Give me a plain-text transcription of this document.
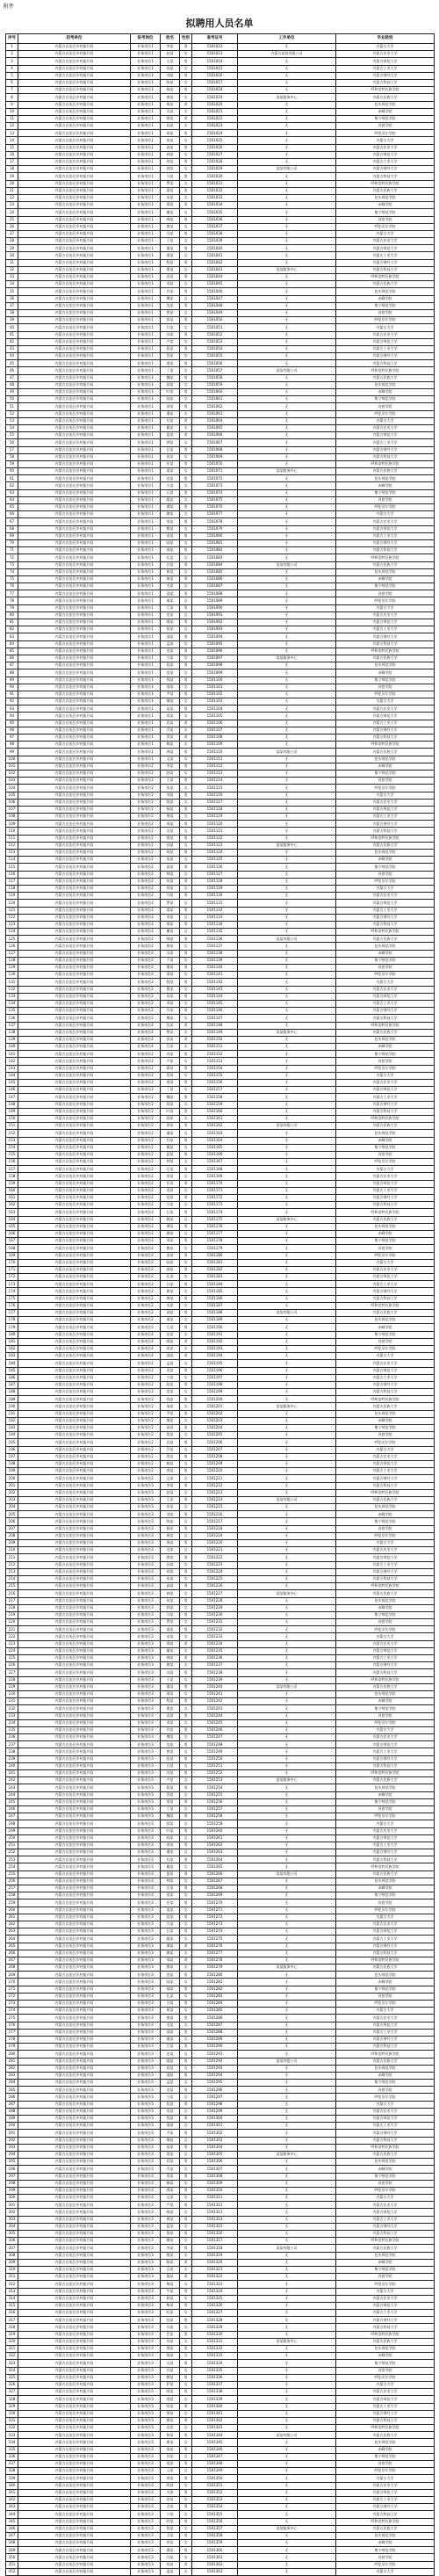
附件
拟聘用人员名单
序号	招考单位	报考岗位	姓名	性别	准考证号	工作单位	毕业院校
1	内蒙古自治区乡村振兴局	业务岗位1	李某	男	1501012	无	内蒙古大学
2	内蒙古自治区乡村振兴局	业务岗位1	赵某	女	1501013	内蒙古某某有限公司	内蒙古农业大学
3	内蒙古自治区乡村振兴局	业务岗位1	王某	男	1501014	无	内蒙古师范大学
4	内蒙古自治区乡村振兴局	业务岗位1	张某	女	1501015	无	内蒙古工业大学
5	内蒙古自治区乡村振兴局	业务岗位1	刘某	男	1501016	无	内蒙古财经大学
6	内蒙古自治区乡村振兴局	业务岗位1	陈某	女	1501017	无	内蒙古科技大学
7	内蒙古自治区乡村振兴局	业务岗位1	杨某	男	1501018	无	呼和浩特民族学院
8	内蒙古自治区乡村振兴局	业务岗位1	黄某	女	1501019	某某服务中心	内蒙古民族大学
9	内蒙古自治区乡村振兴局	业务岗位1	周某	男	1501020	无	包头师范学院
10	内蒙古自治区乡村振兴局	业务岗位1	吴某	女	1501021	无	赤峰学院
11	内蒙古自治区乡村振兴局	业务岗位1	徐某	男	1501022	无	集宁师范学院
12	内蒙古自治区乡村振兴局	业务岗位1	孙某	女	1501023	无	河套学院
13	内蒙古自治区乡村振兴局	业务岗位1	胡某	男	1501024	无	呼伦贝尔学院
14	内蒙古自治区乡村振兴局	业务岗位1	朱某	女	1501025	无	内蒙古大学
15	内蒙古自治区乡村振兴局	业务岗位1	高某	男	1501026	无	内蒙古农业大学
16	内蒙古自治区乡村振兴局	业务岗位1	林某	女	1501027	无	内蒙古师范大学
17	内蒙古自治区乡村振兴局	业务岗位1	何某	男	1501028	无	内蒙古工业大学
18	内蒙古自治区乡村振兴局	业务岗位1	郭某	女	1501029	某某有限公司	内蒙古财经大学
19	内蒙古自治区乡村振兴局	业务岗位1	马某	男	1501030	无	内蒙古科技大学
20	内蒙古自治区乡村振兴局	业务岗位1	罗某	女	1501031	无	呼和浩特民族学院
21	内蒙古自治区乡村振兴局	业务岗位1	梁某	男	1501032	无	内蒙古民族大学
22	内蒙古自治区乡村振兴局	业务岗位1	宋某	女	1501033	无	包头师范学院
23	内蒙古自治区乡村振兴局	业务岗位1	郑某	男	1501034	无	赤峰学院
24	内蒙古自治区乡村振兴局	业务岗位1	谢某	女	1501035	无	集宁师范学院
25	内蒙古自治区乡村振兴局	业务岗位1	韩某	男	1501036	无	河套学院
26	内蒙古自治区乡村振兴局	业务岗位1	唐某	女	1501037	无	呼伦贝尔学院
27	内蒙古自治区乡村振兴局	业务岗位1	冯某	男	1501038	无	内蒙古大学
28	内蒙古自治区乡村振兴局	业务岗位1	于某	女	1501039	无	内蒙古农业大学
29	内蒙古自治区乡村振兴局	业务岗位1	董某	男	1501040	无	内蒙古师范大学
30	内蒙古自治区乡村振兴局	业务岗位1	萧某	女	1501041	无	内蒙古工业大学
31	内蒙古自治区乡村振兴局	业务岗位1	程某	男	1501042	无	内蒙古财经大学
32	内蒙古自治区乡村振兴局	业务岗位1	曹某	女	1501043	某某服务中心	内蒙古科技大学
33	内蒙古自治区乡村振兴局	业务岗位1	袁某	男	1501044	无	呼和浩特民族学院
34	内蒙古自治区乡村振兴局	业务岗位1	邓某	女	1501045	无	内蒙古民族大学
35	内蒙古自治区乡村振兴局	业务岗位1	许某	男	1501046	无	包头师范学院
36	内蒙古自治区乡村振兴局	业务岗位1	傅某	女	1501047	无	赤峰学院
37	内蒙古自治区乡村振兴局	业务岗位1	沈某	男	1501048	无	集宁师范学院
38	内蒙古自治区乡村振兴局	业务岗位1	曾某	女	1501049	无	河套学院
39	内蒙古自治区乡村振兴局	业务岗位1	彭某	男	1501050	无	呼伦贝尔学院
40	内蒙古自治区乡村振兴局	业务岗位1	吕某	女	1501051	无	内蒙古大学
41	内蒙古自治区乡村振兴局	业务岗位1	苏某	男	1501052	无	内蒙古农业大学
42	内蒙古自治区乡村振兴局	业务岗位1	卢某	女	1501053	无	内蒙古师范大学
43	内蒙古自治区乡村振兴局	业务岗位1	蒋某	男	1501054	无	内蒙古工业大学
44	内蒙古自治区乡村振兴局	业务岗位1	蔡某	女	1501055	无	内蒙古财经大学
45	内蒙古自治区乡村振兴局	业务岗位1	贾某	男	1501056	无	内蒙古科技大学
46	内蒙古自治区乡村振兴局	业务岗位1	丁某	女	1501057	某某有限公司	呼和浩特民族学院
47	内蒙古自治区乡村振兴局	业务岗位1	魏某	男	1501058	无	内蒙古民族大学
48	内蒙古自治区乡村振兴局	业务岗位1	薛某	女	1501059	无	包头师范学院
49	内蒙古自治区乡村振兴局	业务岗位1	叶某	男	1501060	无	赤峰学院
50	内蒙古自治区乡村振兴局	业务岗位1	阎某	女	1501061	无	集宁师范学院
51	内蒙古自治区乡村振兴局	业务岗位1	余某	男	1501062	无	河套学院
52	内蒙古自治区乡村振兴局	业务岗位1	潘某	女	1501063	无	呼伦贝尔学院
53	内蒙古自治区乡村振兴局	业务岗位1	杜某	男	1501064	无	内蒙古大学
54	内蒙古自治区乡村振兴局	业务岗位1	戴某	女	1501065	无	内蒙古农业大学
55	内蒙古自治区乡村振兴局	业务岗位1	夏某	男	1501066	无	内蒙古师范大学
56	内蒙古自治区乡村振兴局	业务岗位1	钟某	女	1501067	无	内蒙古工业大学
57	内蒙古自治区乡村振兴局	业务岗位1	汪某	男	1501068	无	内蒙古财经大学
58	内蒙古自治区乡村振兴局	业务岗位1	田某	女	1501069	无	内蒙古科技大学
59	内蒙古自治区乡村振兴局	业务岗位1	任某	男	1501070	无	呼和浩特民族学院
60	内蒙古自治区乡村振兴局	业务岗位1	姜某	女	1501071	某某服务中心	内蒙古民族大学
61	内蒙古自治区乡村振兴局	业务岗位1	范某	男	1501072	无	包头师范学院
62	内蒙古自治区乡村振兴局	业务岗位1	方某	女	1501073	无	赤峰学院
63	内蒙古自治区乡村振兴局	业务岗位1	石某	男	1501074	无	集宁师范学院
64	内蒙古自治区乡村振兴局	业务岗位1	姚某	女	1501075	无	河套学院
65	内蒙古自治区乡村振兴局	业务岗位1	谭某	男	1501076	无	呼伦贝尔学院
66	内蒙古自治区乡村振兴局	业务岗位1	廖某	女	1501077	无	内蒙古大学
67	内蒙古自治区乡村振兴局	业务岗位1	邹某	男	1501078	无	内蒙古农业大学
68	内蒙古自治区乡村振兴局	业务岗位1	熊某	女	1501079	无	内蒙古师范大学
69	内蒙古自治区乡村振兴局	业务岗位1	金某	男	1501080	无	内蒙古工业大学
70	内蒙古自治区乡村振兴局	业务岗位1	陆某	女	1501081	无	内蒙古财经大学
71	内蒙古自治区乡村振兴局	业务岗位1	郝某	男	1501082	无	内蒙古科技大学
72	内蒙古自治区乡村振兴局	业务岗位1	孔某	女	1501083	无	呼和浩特民族学院
73	内蒙古自治区乡村振兴局	业务岗位1	白某	男	1501084	某某有限公司	内蒙古民族大学
74	内蒙古自治区乡村振兴局	业务岗位1	崔某	女	1501085	无	包头师范学院
75	内蒙古自治区乡村振兴局	业务岗位1	康某	男	1501086	无	赤峰学院
76	内蒙古自治区乡村振兴局	业务岗位1	毛某	女	1501087	无	集宁师范学院
77	内蒙古自治区乡村振兴局	业务岗位1	邱某	男	1501088	无	河套学院
78	内蒙古自治区乡村振兴局	业务岗位1	秦某	女	1501089	无	呼伦贝尔学院
79	内蒙古自治区乡村振兴局	业务岗位1	江某	男	1501090	无	内蒙古大学
80	内蒙古自治区乡村振兴局	业务岗位1	史某	女	1501091	无	内蒙古农业大学
81	内蒙古自治区乡村振兴局	业务岗位1	顾某	男	1501092	无	内蒙古师范大学
82	内蒙古自治区乡村振兴局	业务岗位1	侯某	女	1501093	无	内蒙古工业大学
83	内蒙古自治区乡村振兴局	业务岗位1	邵某	男	1501094	无	内蒙古财经大学
84	内蒙古自治区乡村振兴局	业务岗位1	孟某	女	1501095	无	内蒙古科技大学
85	内蒙古自治区乡村振兴局	业务岗位1	龙某	男	1501096	无	呼和浩特民族学院
86	内蒙古自治区乡村振兴局	业务岗位1	万某	女	1501097	某某服务中心	内蒙古民族大学
87	内蒙古自治区乡村振兴局	业务岗位1	段某	男	1501098	无	包头师范学院
88	内蒙古自治区乡村振兴局	业务岗位1	雷某	女	1501099	无	赤峰学院
89	内蒙古自治区乡村振兴局	业务岗位1	钱某	男	1501100	无	集宁师范学院
90	内蒙古自治区乡村振兴局	业务岗位1	汤某	女	1501101	无	河套学院
91	内蒙古自治区乡村振兴局	业务岗位1	尹某	男	1501102	无	呼伦贝尔学院
92	内蒙古自治区乡村振兴局	业务岗位1	黎某	女	1501103	无	内蒙古大学
93	内蒙古自治区乡村振兴局	业务岗位1	易某	男	1501104	无	内蒙古农业大学
94	内蒙古自治区乡村振兴局	业务岗位1	常某	女	1501105	无	内蒙古师范大学
95	内蒙古自治区乡村振兴局	业务岗位1	武某	男	1501106	无	内蒙古工业大学
96	内蒙古自治区乡村振兴局	业务岗位1	乔某	女	1501107	无	内蒙古财经大学
97	内蒙古自治区乡村振兴局	业务岗位1	贺某	男	1501108	无	内蒙古科技大学
98	内蒙古自治区乡村振兴局	业务岗位1	赖某	女	1501109	无	呼和浩特民族学院
99	内蒙古自治区乡村振兴局	业务岗位1	龚某	男	1501110	某某有限公司	内蒙古民族大学
100	内蒙古自治区乡村振兴局	业务岗位1	文某	女	1501111	无	包头师范学院
101	内蒙古自治区乡村振兴局	业务岗位2	李某	男	1501112	无	赤峰学院
102	内蒙古自治区乡村振兴局	业务岗位2	赵某	女	1501113	无	集宁师范学院
103	内蒙古自治区乡村振兴局	业务岗位2	王某	男	1501114	无	河套学院
104	内蒙古自治区乡村振兴局	业务岗位2	张某	女	1501115	无	呼伦贝尔学院
105	内蒙古自治区乡村振兴局	业务岗位2	刘某	男	1501116	无	内蒙古大学
106	内蒙古自治区乡村振兴局	业务岗位2	陈某	女	1501117	无	内蒙古农业大学
107	内蒙古自治区乡村振兴局	业务岗位2	杨某	男	1501118	无	内蒙古师范大学
108	内蒙古自治区乡村振兴局	业务岗位2	黄某	女	1501119	无	内蒙古工业大学
109	内蒙古自治区乡村振兴局	业务岗位2	周某	男	1501120	无	内蒙古财经大学
110	内蒙古自治区乡村振兴局	业务岗位2	吴某	女	1501121	无	内蒙古科技大学
111	内蒙古自治区乡村振兴局	业务岗位2	徐某	男	1501122	无	呼和浩特民族学院
112	内蒙古自治区乡村振兴局	业务岗位2	孙某	女	1501123	某某服务中心	内蒙古民族大学
113	内蒙古自治区乡村振兴局	业务岗位2	胡某	男	1501124	无	包头师范学院
114	内蒙古自治区乡村振兴局	业务岗位2	朱某	女	1501125	无	赤峰学院
115	内蒙古自治区乡村振兴局	业务岗位2	高某	男	1501126	无	集宁师范学院
116	内蒙古自治区乡村振兴局	业务岗位2	林某	女	1501127	无	河套学院
117	内蒙古自治区乡村振兴局	业务岗位2	何某	男	1501128	无	呼伦贝尔学院
118	内蒙古自治区乡村振兴局	业务岗位2	郭某	女	1501129	无	内蒙古大学
119	内蒙古自治区乡村振兴局	业务岗位2	马某	男	1501130	无	内蒙古农业大学
120	内蒙古自治区乡村振兴局	业务岗位2	罗某	女	1501131	无	内蒙古师范大学
121	内蒙古自治区乡村振兴局	业务岗位2	梁某	男	1501132	无	内蒙古工业大学
122	内蒙古自治区乡村振兴局	业务岗位2	宋某	女	1501133	无	内蒙古财经大学
123	内蒙古自治区乡村振兴局	业务岗位2	郑某	男	1501134	无	内蒙古科技大学
124	内蒙古自治区乡村振兴局	业务岗位2	谢某	女	1501135	无	呼和浩特民族学院
125	内蒙古自治区乡村振兴局	业务岗位2	韩某	男	1501136	某某有限公司	内蒙古民族大学
126	内蒙古自治区乡村振兴局	业务岗位2	唐某	女	1501137	无	包头师范学院
127	内蒙古自治区乡村振兴局	业务岗位2	冯某	男	1501138	无	赤峰学院
128	内蒙古自治区乡村振兴局	业务岗位2	于某	女	1501139	无	集宁师范学院
129	内蒙古自治区乡村振兴局	业务岗位2	董某	男	1501140	无	河套学院
130	内蒙古自治区乡村振兴局	业务岗位2	萧某	女	1501141	无	呼伦贝尔学院
131	内蒙古自治区乡村振兴局	业务岗位2	程某	男	1501142	无	内蒙古大学
132	内蒙古自治区乡村振兴局	业务岗位2	曹某	女	1501143	无	内蒙古农业大学
133	内蒙古自治区乡村振兴局	业务岗位2	袁某	男	1501144	无	内蒙古师范大学
134	内蒙古自治区乡村振兴局	业务岗位2	邓某	女	1501145	无	内蒙古工业大学
135	内蒙古自治区乡村振兴局	业务岗位2	许某	男	1501146	无	内蒙古财经大学
136	内蒙古自治区乡村振兴局	业务岗位2	傅某	女	1501147	无	内蒙古科技大学
137	内蒙古自治区乡村振兴局	业务岗位2	沈某	男	1501148	无	呼和浩特民族学院
138	内蒙古自治区乡村振兴局	业务岗位2	曾某	女	1501149	某某服务中心	内蒙古民族大学
139	内蒙古自治区乡村振兴局	业务岗位2	彭某	男	1501150	无	包头师范学院
140	内蒙古自治区乡村振兴局	业务岗位2	吕某	女	1501151	无	赤峰学院
141	内蒙古自治区乡村振兴局	业务岗位2	苏某	男	1501152	无	集宁师范学院
142	内蒙古自治区乡村振兴局	业务岗位2	卢某	女	1501153	无	河套学院
143	内蒙古自治区乡村振兴局	业务岗位2	蒋某	男	1501154	无	呼伦贝尔学院
144	内蒙古自治区乡村振兴局	业务岗位2	蔡某	女	1501155	无	内蒙古大学
145	内蒙古自治区乡村振兴局	业务岗位2	贾某	男	1501156	无	内蒙古农业大学
146	内蒙古自治区乡村振兴局	业务岗位2	丁某	女	1501157	无	内蒙古师范大学
147	内蒙古自治区乡村振兴局	业务岗位2	魏某	男	1501158	无	内蒙古工业大学
148	内蒙古自治区乡村振兴局	业务岗位2	薛某	女	1501159	无	内蒙古财经大学
149	内蒙古自治区乡村振兴局	业务岗位2	叶某	男	1501160	无	内蒙古科技大学
150	内蒙古自治区乡村振兴局	业务岗位2	阎某	女	1501161	无	呼和浩特民族学院
151	内蒙古自治区乡村振兴局	业务岗位2	余某	男	1501162	某某有限公司	内蒙古民族大学
152	内蒙古自治区乡村振兴局	业务岗位2	潘某	女	1501163	无	包头师范学院
153	内蒙古自治区乡村振兴局	业务岗位2	杜某	男	1501164	无	赤峰学院
154	内蒙古自治区乡村振兴局	业务岗位2	戴某	女	1501165	无	集宁师范学院
155	内蒙古自治区乡村振兴局	业务岗位2	夏某	男	1501166	无	河套学院
156	内蒙古自治区乡村振兴局	业务岗位2	钟某	女	1501167	无	呼伦贝尔学院
157	内蒙古自治区乡村振兴局	业务岗位2	汪某	男	1501168	无	内蒙古大学
158	内蒙古自治区乡村振兴局	业务岗位2	田某	女	1501169	无	内蒙古农业大学
159	内蒙古自治区乡村振兴局	业务岗位2	任某	男	1501170	无	内蒙古师范大学
160	内蒙古自治区乡村振兴局	业务岗位2	姜某	女	1501171	无	内蒙古工业大学
161	内蒙古自治区乡村振兴局	业务岗位2	范某	男	1501172	无	内蒙古财经大学
162	内蒙古自治区乡村振兴局	业务岗位2	方某	女	1501173	无	内蒙古科技大学
163	内蒙古自治区乡村振兴局	业务岗位2	石某	男	1501174	无	呼和浩特民族学院
164	内蒙古自治区乡村振兴局	业务岗位2	姚某	女	1501175	某某服务中心	内蒙古民族大学
165	内蒙古自治区乡村振兴局	业务岗位2	谭某	男	1501176	无	包头师范学院
166	内蒙古自治区乡村振兴局	业务岗位2	廖某	女	1501177	无	赤峰学院
167	内蒙古自治区乡村振兴局	业务岗位2	邹某	男	1501178	无	集宁师范学院
168	内蒙古自治区乡村振兴局	业务岗位2	熊某	女	1501179	无	河套学院
169	内蒙古自治区乡村振兴局	业务岗位2	金某	男	1501180	无	呼伦贝尔学院
170	内蒙古自治区乡村振兴局	业务岗位2	陆某	女	1501181	无	内蒙古大学
171	内蒙古自治区乡村振兴局	业务岗位2	郝某	男	1501182	无	内蒙古农业大学
172	内蒙古自治区乡村振兴局	业务岗位2	孔某	女	1501183	无	内蒙古师范大学
173	内蒙古自治区乡村振兴局	业务岗位2	白某	男	1501184	无	内蒙古工业大学
174	内蒙古自治区乡村振兴局	业务岗位2	崔某	女	1501185	无	内蒙古财经大学
175	内蒙古自治区乡村振兴局	业务岗位2	康某	男	1501186	无	内蒙古科技大学
176	内蒙古自治区乡村振兴局	业务岗位2	毛某	女	1501187	无	呼和浩特民族学院
177	内蒙古自治区乡村振兴局	业务岗位2	邱某	男	1501188	某某有限公司	内蒙古民族大学
178	内蒙古自治区乡村振兴局	业务岗位2	秦某	女	1501189	无	包头师范学院
179	内蒙古自治区乡村振兴局	业务岗位2	江某	男	1501190	无	赤峰学院
180	内蒙古自治区乡村振兴局	业务岗位2	史某	女	1501191	无	集宁师范学院
181	内蒙古自治区乡村振兴局	业务岗位2	顾某	男	1501192	无	河套学院
182	内蒙古自治区乡村振兴局	业务岗位2	侯某	女	1501193	无	呼伦贝尔学院
183	内蒙古自治区乡村振兴局	业务岗位2	邵某	男	1501194	无	内蒙古大学
184	内蒙古自治区乡村振兴局	业务岗位2	孟某	女	1501195	无	内蒙古农业大学
185	内蒙古自治区乡村振兴局	业务岗位2	龙某	男	1501196	无	内蒙古师范大学
186	内蒙古自治区乡村振兴局	业务岗位2	万某	女	1501197	无	内蒙古工业大学
187	内蒙古自治区乡村振兴局	业务岗位2	段某	男	1501198	无	内蒙古财经大学
188	内蒙古自治区乡村振兴局	业务岗位2	雷某	女	1501199	无	内蒙古科技大学
189	内蒙古自治区乡村振兴局	业务岗位2	钱某	男	1501200	无	呼和浩特民族学院
190	内蒙古自治区乡村振兴局	业务岗位2	汤某	女	1501201	某某服务中心	内蒙古民族大学
191	内蒙古自治区乡村振兴局	业务岗位2	尹某	男	1501202	无	包头师范学院
192	内蒙古自治区乡村振兴局	业务岗位2	黎某	女	1501203	无	赤峰学院
193	内蒙古自治区乡村振兴局	业务岗位2	易某	男	1501204	无	集宁师范学院
194	内蒙古自治区乡村振兴局	业务岗位2	常某	女	1501205	无	河套学院
195	内蒙古自治区乡村振兴局	业务岗位2	武某	男	1501206	无	呼伦贝尔学院
196	内蒙古自治区乡村振兴局	业务岗位2	乔某	女	1501207	无	内蒙古大学
197	内蒙古自治区乡村振兴局	业务岗位2	贺某	男	1501208	无	内蒙古农业大学
198	内蒙古自治区乡村振兴局	业务岗位2	赖某	女	1501209	无	内蒙古师范大学
199	内蒙古自治区乡村振兴局	业务岗位2	龚某	男	1501210	无	内蒙古工业大学
200	内蒙古自治区乡村振兴局	业务岗位2	文某	女	1501211	无	内蒙古财经大学
201	内蒙古自治区乡村振兴局	业务岗位3	李某	男	1501212	无	内蒙古科技大学
202	内蒙古自治区乡村振兴局	业务岗位3	赵某	女	1501213	无	呼和浩特民族学院
203	内蒙古自治区乡村振兴局	业务岗位3	王某	男	1501214	某某有限公司	内蒙古民族大学
204	内蒙古自治区乡村振兴局	业务岗位3	张某	女	1501215	无	包头师范学院
205	内蒙古自治区乡村振兴局	业务岗位3	刘某	男	1501216	无	赤峰学院
206	内蒙古自治区乡村振兴局	业务岗位3	陈某	女	1501217	无	集宁师范学院
207	内蒙古自治区乡村振兴局	业务岗位3	杨某	男	1501218	无	河套学院
208	内蒙古自治区乡村振兴局	业务岗位3	黄某	女	1501219	无	呼伦贝尔学院
209	内蒙古自治区乡村振兴局	业务岗位3	周某	男	1501220	无	内蒙古大学
210	内蒙古自治区乡村振兴局	业务岗位3	吴某	女	1501221	无	内蒙古农业大学
211	内蒙古自治区乡村振兴局	业务岗位3	徐某	男	1501222	无	内蒙古师范大学
212	内蒙古自治区乡村振兴局	业务岗位3	孙某	女	1501223	无	内蒙古工业大学
213	内蒙古自治区乡村振兴局	业务岗位3	胡某	男	1501224	无	内蒙古财经大学
214	内蒙古自治区乡村振兴局	业务岗位3	朱某	女	1501225	无	内蒙古科技大学
215	内蒙古自治区乡村振兴局	业务岗位3	高某	男	1501226	无	呼和浩特民族学院
216	内蒙古自治区乡村振兴局	业务岗位3	林某	女	1501227	某某服务中心	内蒙古民族大学
217	内蒙古自治区乡村振兴局	业务岗位3	何某	男	1501228	无	包头师范学院
218	内蒙古自治区乡村振兴局	业务岗位3	郭某	女	1501229	无	赤峰学院
219	内蒙古自治区乡村振兴局	业务岗位3	马某	男	1501230	无	集宁师范学院
220	内蒙古自治区乡村振兴局	业务岗位3	罗某	女	1501231	无	河套学院
221	内蒙古自治区乡村振兴局	业务岗位3	梁某	男	1501232	无	呼伦贝尔学院
222	内蒙古自治区乡村振兴局	业务岗位3	宋某	女	1501233	无	内蒙古大学
223	内蒙古自治区乡村振兴局	业务岗位3	郑某	男	1501234	无	内蒙古农业大学
224	内蒙古自治区乡村振兴局	业务岗位3	谢某	女	1501235	无	内蒙古师范大学
225	内蒙古自治区乡村振兴局	业务岗位3	韩某	男	1501236	无	内蒙古工业大学
226	内蒙古自治区乡村振兴局	业务岗位3	唐某	女	1501237	无	内蒙古财经大学
227	内蒙古自治区乡村振兴局	业务岗位3	冯某	男	1501238	无	内蒙古科技大学
228	内蒙古自治区乡村振兴局	业务岗位3	于某	女	1501239	无	呼和浩特民族学院
229	内蒙古自治区乡村振兴局	业务岗位3	董某	男	1501240	某某有限公司	内蒙古民族大学
230	内蒙古自治区乡村振兴局	业务岗位3	萧某	女	1501241	无	包头师范学院
231	内蒙古自治区乡村振兴局	业务岗位3	程某	男	1501242	无	赤峰学院
232	内蒙古自治区乡村振兴局	业务岗位3	曹某	女	1501243	无	集宁师范学院
233	内蒙古自治区乡村振兴局	业务岗位3	袁某	男	1501244	无	河套学院
234	内蒙古自治区乡村振兴局	业务岗位3	邓某	女	1501245	无	呼伦贝尔学院
235	内蒙古自治区乡村振兴局	业务岗位3	许某	男	1501246	无	内蒙古大学
236	内蒙古自治区乡村振兴局	业务岗位3	傅某	女	1501247	无	内蒙古农业大学
237	内蒙古自治区乡村振兴局	业务岗位3	沈某	男	1501248	无	内蒙古师范大学
238	内蒙古自治区乡村振兴局	业务岗位3	曾某	女	1501249	无	内蒙古工业大学
239	内蒙古自治区乡村振兴局	业务岗位3	彭某	男	1501250	无	内蒙古财经大学
240	内蒙古自治区乡村振兴局	业务岗位3	吕某	女	1501251	无	内蒙古科技大学
241	内蒙古自治区乡村振兴局	业务岗位3	苏某	男	1501252	无	呼和浩特民族学院
242	内蒙古自治区乡村振兴局	业务岗位3	卢某	女	1501253	某某服务中心	内蒙古民族大学
243	内蒙古自治区乡村振兴局	业务岗位3	蒋某	男	1501254	无	包头师范学院
244	内蒙古自治区乡村振兴局	业务岗位3	蔡某	女	1501255	无	赤峰学院
245	内蒙古自治区乡村振兴局	业务岗位3	贾某	男	1501256	无	集宁师范学院
246	内蒙古自治区乡村振兴局	业务岗位3	丁某	女	1501257	无	河套学院
247	内蒙古自治区乡村振兴局	业务岗位3	魏某	男	1501258	无	呼伦贝尔学院
248	内蒙古自治区乡村振兴局	业务岗位3	薛某	女	1501259	无	内蒙古大学
249	内蒙古自治区乡村振兴局	业务岗位3	叶某	男	1501260	无	内蒙古农业大学
250	内蒙古自治区乡村振兴局	业务岗位3	阎某	女	1501261	无	内蒙古师范大学
251	内蒙古自治区乡村振兴局	业务岗位3	余某	男	1501262	无	内蒙古工业大学
252	内蒙古自治区乡村振兴局	业务岗位3	潘某	女	1501263	无	内蒙古财经大学
253	内蒙古自治区乡村振兴局	业务岗位3	杜某	男	1501264	无	内蒙古科技大学
254	内蒙古自治区乡村振兴局	业务岗位3	戴某	女	1501265	无	呼和浩特民族学院
255	内蒙古自治区乡村振兴局	业务岗位3	夏某	男	1501266	某某有限公司	内蒙古民族大学
256	内蒙古自治区乡村振兴局	业务岗位3	钟某	女	1501267	无	包头师范学院
257	内蒙古自治区乡村振兴局	业务岗位3	汪某	男	1501268	无	赤峰学院
258	内蒙古自治区乡村振兴局	业务岗位3	田某	女	1501269	无	集宁师范学院
259	内蒙古自治区乡村振兴局	业务岗位3	任某	男	1501270	无	河套学院
260	内蒙古自治区乡村振兴局	业务岗位3	姜某	女	1501271	无	呼伦贝尔学院
261	内蒙古自治区乡村振兴局	业务岗位3	范某	男	1501272	无	内蒙古大学
262	内蒙古自治区乡村振兴局	业务岗位3	方某	女	1501273	无	内蒙古农业大学
263	内蒙古自治区乡村振兴局	业务岗位3	石某	男	1501274	无	内蒙古师范大学
264	内蒙古自治区乡村振兴局	业务岗位3	姚某	女	1501275	无	内蒙古工业大学
265	内蒙古自治区乡村振兴局	业务岗位3	谭某	男	1501276	无	内蒙古财经大学
266	内蒙古自治区乡村振兴局	业务岗位3	廖某	女	1501277	无	内蒙古科技大学
267	内蒙古自治区乡村振兴局	业务岗位3	邹某	男	1501278	无	呼和浩特民族学院
268	内蒙古自治区乡村振兴局	业务岗位3	熊某	女	1501279	某某服务中心	内蒙古民族大学
269	内蒙古自治区乡村振兴局	业务岗位3	金某	男	1501280	无	包头师范学院
270	内蒙古自治区乡村振兴局	业务岗位3	陆某	女	1501281	无	赤峰学院
271	内蒙古自治区乡村振兴局	业务岗位3	郝某	男	1501282	无	集宁师范学院
272	内蒙古自治区乡村振兴局	业务岗位3	孔某	女	1501283	无	河套学院
273	内蒙古自治区乡村振兴局	业务岗位3	白某	男	1501284	无	呼伦贝尔学院
274	内蒙古自治区乡村振兴局	业务岗位3	崔某	女	1501285	无	内蒙古大学
275	内蒙古自治区乡村振兴局	业务岗位3	康某	男	1501286	无	内蒙古农业大学
276	内蒙古自治区乡村振兴局	业务岗位3	毛某	女	1501287	无	内蒙古师范大学
277	内蒙古自治区乡村振兴局	业务岗位3	邱某	男	1501288	无	内蒙古工业大学
278	内蒙古自治区乡村振兴局	业务岗位3	秦某	女	1501289	无	内蒙古财经大学
279	内蒙古自治区乡村振兴局	业务岗位3	江某	男	1501290	无	内蒙古科技大学
280	内蒙古自治区乡村振兴局	业务岗位3	史某	女	1501291	无	呼和浩特民族学院
281	内蒙古自治区乡村振兴局	业务岗位3	顾某	男	1501292	某某有限公司	内蒙古民族大学
282	内蒙古自治区乡村振兴局	业务岗位3	侯某	女	1501293	无	包头师范学院
283	内蒙古自治区乡村振兴局	业务岗位3	邵某	男	1501294	无	赤峰学院
284	内蒙古自治区乡村振兴局	业务岗位3	孟某	女	1501295	无	集宁师范学院
285	内蒙古自治区乡村振兴局	业务岗位3	龙某	男	1501296	无	河套学院
286	内蒙古自治区乡村振兴局	业务岗位3	万某	女	1501297	无	呼伦贝尔学院
287	内蒙古自治区乡村振兴局	业务岗位3	段某	男	1501298	无	内蒙古大学
288	内蒙古自治区乡村振兴局	业务岗位3	雷某	女	1501299	无	内蒙古农业大学
289	内蒙古自治区乡村振兴局	业务岗位3	钱某	男	1501300	无	内蒙古师范大学
290	内蒙古自治区乡村振兴局	业务岗位3	汤某	女	1501301	无	内蒙古工业大学
291	内蒙古自治区乡村振兴局	业务岗位3	尹某	男	1501302	无	内蒙古财经大学
292	内蒙古自治区乡村振兴局	业务岗位3	黎某	女	1501303	无	内蒙古科技大学
293	内蒙古自治区乡村振兴局	业务岗位3	易某	男	1501304	无	呼和浩特民族学院
294	内蒙古自治区乡村振兴局	业务岗位3	常某	女	1501305	某某服务中心	内蒙古民族大学
295	内蒙古自治区乡村振兴局	业务岗位3	武某	男	1501306	无	包头师范学院
296	内蒙古自治区乡村振兴局	业务岗位3	乔某	女	1501307	无	赤峰学院
297	内蒙古自治区乡村振兴局	业务岗位3	贺某	男	1501308	无	集宁师范学院
298	内蒙古自治区乡村振兴局	业务岗位3	赖某	女	1501309	无	河套学院
299	内蒙古自治区乡村振兴局	业务岗位3	龚某	男	1501310	无	呼伦贝尔学院
300	内蒙古自治区乡村振兴局	业务岗位3	文某	女	1501311	无	内蒙古大学
301	内蒙古自治区乡村振兴局	业务岗位3	严某	男	1501312	无	内蒙古农业大学
302	内蒙古自治区乡村振兴局	业务岗位3	陶某	女	1501313	无	内蒙古师范大学
303	内蒙古自治区乡村振兴局	业务岗位3	黄某	男	1501314	无	内蒙古工业大学
304	内蒙古自治区乡村振兴局	业务岗位3	蓝某	女	1501315	无	内蒙古财经大学
305	内蒙古自治区乡村振兴局	业务岗位3	鲁某	男	1501316	无	内蒙古科技大学
306	内蒙古自治区乡村振兴局	业务岗位3	柳某	女	1501317	无	呼和浩特民族学院
307	内蒙古自治区乡村振兴局	业务岗位3	齐某	男	1501318	某某有限公司	内蒙古民族大学
308	内蒙古自治区乡村振兴局	业务岗位3	殷某	女	1501319	无	包头师范学院
309	内蒙古自治区乡村振兴局	业务岗位3	路某	男	1501320	无	赤峰学院
310	内蒙古自治区乡村振兴局	业务岗位3	岳某	女	1501321	无	集宁师范学院
311	内蒙古自治区乡村振兴局	业务岗位3	施某	男	1501322	无	河套学院
312	内蒙古自治区乡村振兴局	业务岗位3	梅某	女	1501323	无	呼伦贝尔学院
313	内蒙古自治区乡村振兴局	业务岗位3	牛某	男	1501324	无	内蒙古大学
314	内蒙古自治区乡村振兴局	业务岗位3	耿某	女	1501325	无	内蒙古农业大学
315	内蒙古自治区乡村振兴局	业务岗位3	柴某	男	1501326	无	内蒙古师范大学
316	内蒙古自治区乡村振兴局	业务岗位3	纪某	女	1501327	无	内蒙古工业大学
317	内蒙古自治区乡村振兴局	业务岗位3	包某	男	1501328	无	内蒙古财经大学
318	内蒙古自治区乡村振兴局	业务岗位3	乌某	女	1501329	无	内蒙古科技大学
319	内蒙古自治区乡村振兴局	业务岗位3	巴某	男	1501330	无	呼和浩特民族学院
320	内蒙古自治区乡村振兴局	业务岗位3	苏某	女	1501331	某某服务中心	内蒙古民族大学
321	内蒙古自治区乡村振兴局	业务岗位3	那某	男	1501332	无	包头师范学院
322	内蒙古自治区乡村振兴局	业务岗位3	敖某	女	1501333	无	赤峰学院
323	内蒙古自治区乡村振兴局	业务岗位3	宝某	男	1501334	无	集宁师范学院
324	内蒙古自治区乡村振兴局	业务岗位3	其某	女	1501335	无	河套学院
325	内蒙古自治区乡村振兴局	业务岗位3	额某	男	1501336	无	呼伦贝尔学院
326	内蒙古自治区乡村振兴局	业务岗位3	萨某	女	1501337	无	内蒙古大学
327	内蒙古自治区乡村振兴局	业务岗位3	阿某	男	1501338	无	内蒙古农业大学
328	内蒙古自治区乡村振兴局	业务岗位3	图某	女	1501339	无	内蒙古师范大学
329	内蒙古自治区乡村振兴局	业务岗位3	哈某	男	1501340	无	内蒙古工业大学
330	内蒙古自治区乡村振兴局	业务岗位3	塔某	女	1501341	无	内蒙古财经大学
331	内蒙古自治区乡村振兴局	业务岗位3	朝某	男	1501342	无	内蒙古科技大学
332	内蒙古自治区乡村振兴局	业务岗位3	达某	女	1501343	无	呼和浩特民族学院
333	内蒙古自治区乡村振兴局	业务岗位3	格某	男	1501344	某某有限公司	内蒙古民族大学
334	内蒙古自治区乡村振兴局	业务岗位3	斯某	女	1501345	无	包头师范学院
335	内蒙古自治区乡村振兴局	业务岗位3	查某	男	1501346	无	赤峰学院
336	内蒙古自治区乡村振兴局	业务岗位3	其某	女	1501347	无	集宁师范学院
337	内蒙古自治区乡村振兴局	业务岗位3	莫某	男	1501348	无	河套学院
338	内蒙古自治区乡村振兴局	业务岗位3	云某	女	1501349	无	呼伦贝尔学院
339	内蒙古自治区乡村振兴局	业务岗位3	荣某	男	1501350	无	内蒙古大学
340	内蒙古自治区乡村振兴局	业务岗位3	明某	女	1501351	无	内蒙古农业大学
341	内蒙古自治区乡村振兴局	业务岗位3	关某	男	1501352	无	内蒙古师范大学
342	内蒙古自治区乡村振兴局	业务岗位3	安某	女	1501353	无	内蒙古工业大学
343	内蒙古自治区乡村振兴局	业务岗位3	全某	男	1501354	无	内蒙古财经大学
344	内蒙古自治区乡村振兴局	业务岗位3	宁某	女	1501355	无	内蒙古科技大学
345	内蒙古自治区乡村振兴局	业务岗位3	时某	男	1501356	无	呼和浩特民族学院
346	内蒙古自治区乡村振兴局	业务岗位3	焦某	女	1501357	某某服务中心	内蒙古民族大学
347	内蒙古自治区乡村振兴局	业务岗位3	卫某	男	1501358	无	包头师范学院
348	内蒙古自治区乡村振兴局	业务岗位3	祁某	女	1501359	无	赤峰学院
349	内蒙古自治区乡村振兴局	业务岗位3	冀某	男	1501360	无	集宁师范学院
350	内蒙古自治区乡村振兴局	业务岗位3	闫某	女	1501361	无	河套学院
351	内蒙古自治区乡村振兴局	业务岗位3	尚某	男	1501362	无	呼伦贝尔学院
352	内蒙古自治区乡村振兴局	业务岗位3	温某	女	1501363	无	内蒙古大学
